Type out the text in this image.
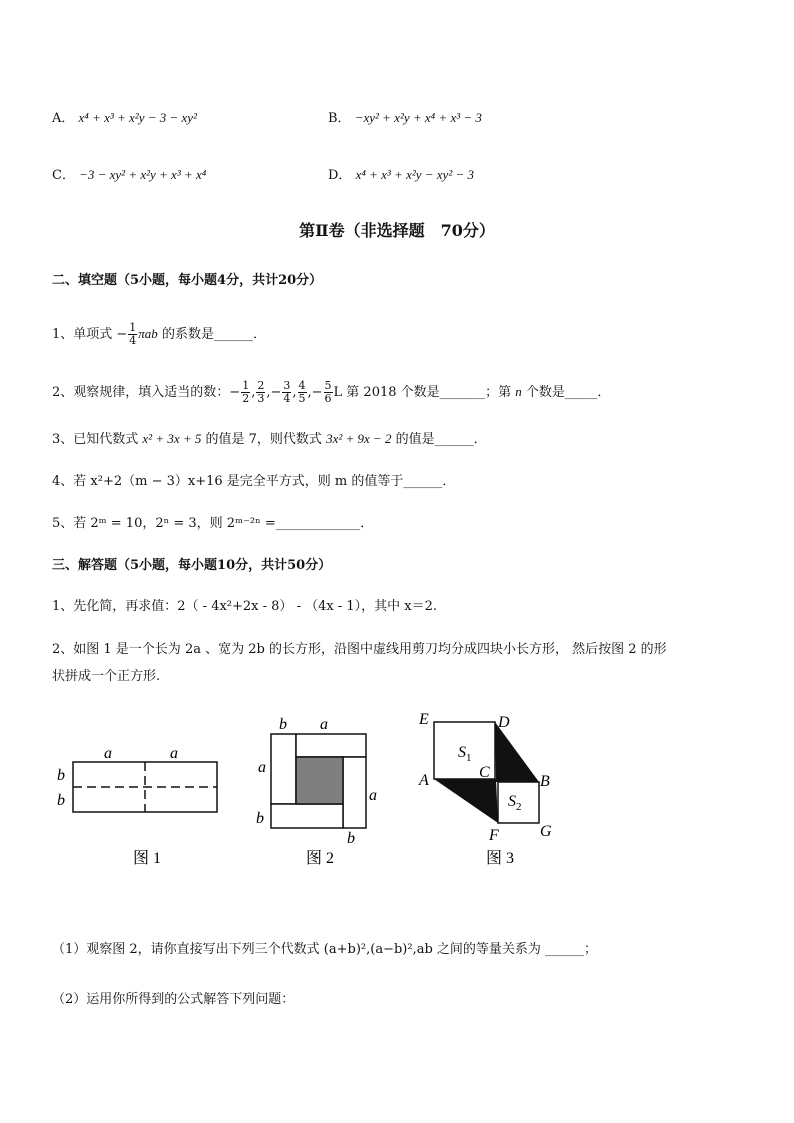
A． x⁴ + x³ + x²y − 3 − xy²	B． −xy² + x²y + x⁴ + x³ − 3
C． −3 − xy² + x²y + x³ + x⁴	D． x⁴ + x³ + x²y − xy² − 3
第Ⅱ卷（非选择题　70分）
二、填空题（5小题，每小题4分，共计20分）
1、单项式 − $\frac{1}{4}$ πab 的系数是______．
2、观察规律，填入适当的数：− $\frac{1}{2}$ , $\frac{2}{3}$ ,− $\frac{3}{4}$ , $\frac{4}{5}$ ,− $\frac{5}{6}$ L 第 2018 个数是_______；第 n 个数是_____．
3、已知代数式 x² + 3x + 5 的值是 7，则代数式 3x² + 9x − 2 的值是______．
4、若 x²+2（m − 3）x+16 是完全平方式，则 m 的值等于______．
5、若 2ᵐ = 10，2ⁿ = 3，则 2ᵐ⁻²ⁿ =_____________．
三、解答题（5小题，每小题10分，共计50分）
1、先化简，再求值：2（ - 4x²+2x - 8） - （4x - 1），其中 x＝2.
2、如图 1 是一个长为 2a 、宽为 2b 的长方形，沿图中虚线用剪刀均分成四块小长方形， 然后按图 2 的形
状拼成一个正方形.
a	a
b
b
图 1
b a
a
a
b
b
图 2
E	D
$S_1$
C
A	B
$S_2$
F	G
图 3
（1）观察图 2，请你直接写出下列三个代数式 (a+b)²,(a−b)²,ab 之间的等量关系为 ______；
（2）运用你所得到的公式解答下列问题：
